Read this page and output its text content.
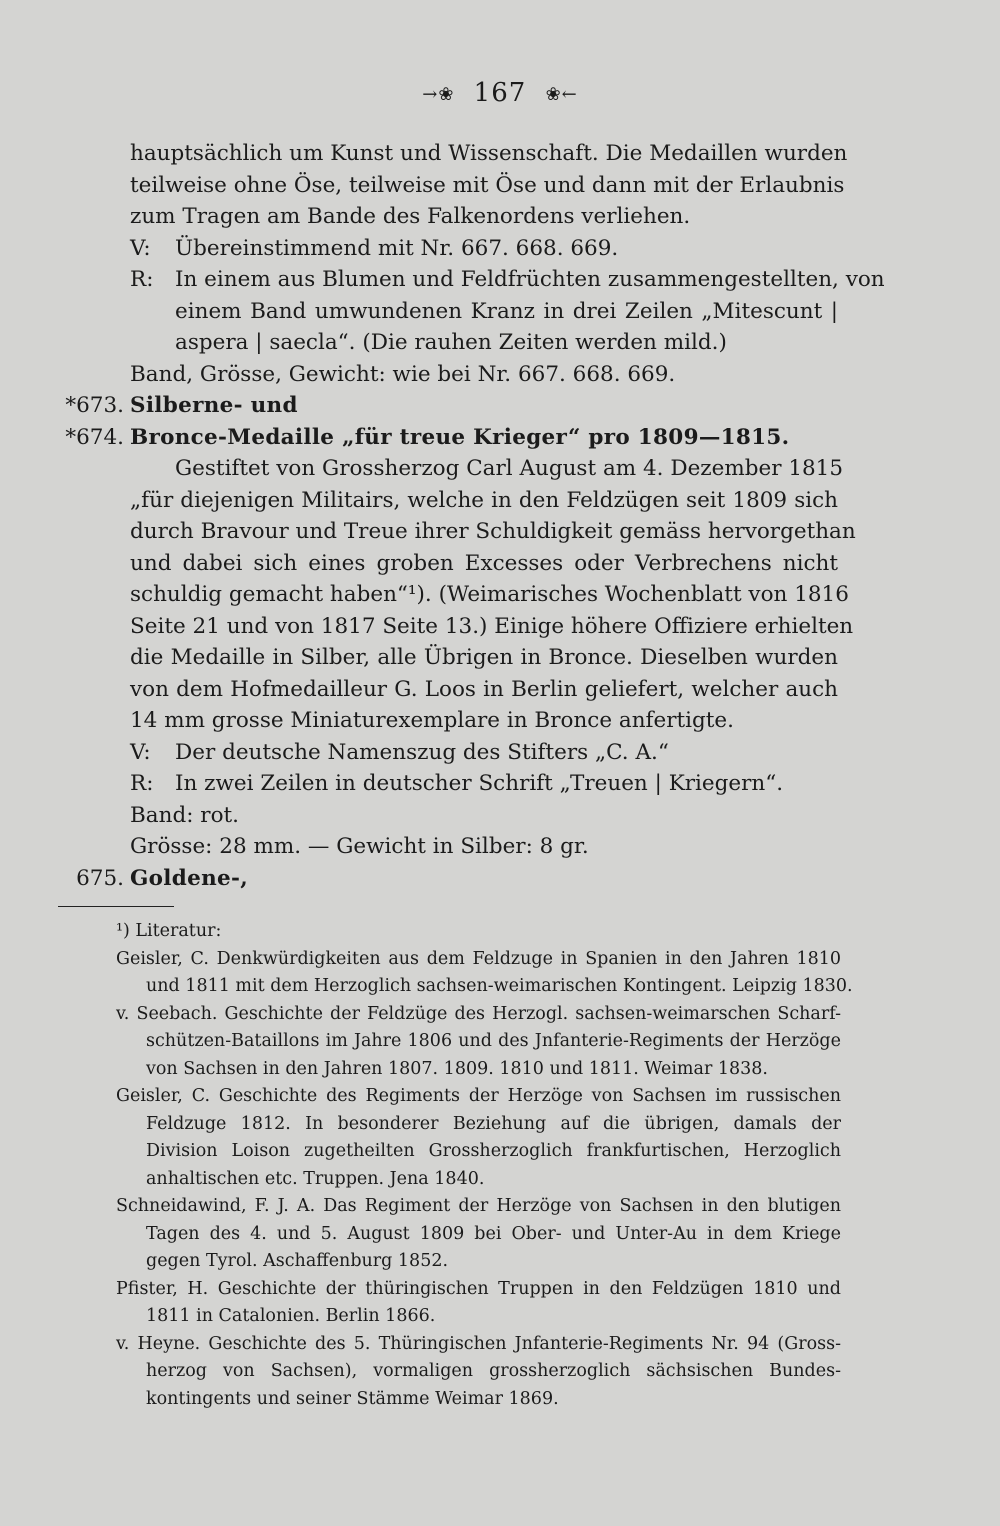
→❀ 167 ❀←
hauptsächlich um Kunst und Wissenschaft. Die Medaillen wurden
teilweise ohne Öse, teilweise mit Öse und dann mit der Erlaubnis
zum Tragen am Bande des Falkenordens verliehen.
V: Übereinstimmend mit Nr. 667. 668. 669.
R: In einem aus Blumen und Feldfrüchten zusammengestellten, von
einem Band umwundenen Kranz in drei Zeilen „Mitescunt |
aspera | saecla“. (Die rauhen Zeiten werden mild.)
Band, Grösse, Gewicht: wie bei Nr. 667. 668. 669.
*673. Silberne- und
*674. Bronce-Medaille „für treue Krieger“ pro 1809—1815.
Gestiftet von Grossherzog Carl August am 4. Dezember 1815
„für diejenigen Militairs, welche in den Feldzügen seit 1809 sich
durch Bravour und Treue ihrer Schuldigkeit gemäss hervorgethan
und dabei sich eines groben Excesses oder Verbrechens nicht
schuldig gemacht haben“¹). (Weimarisches Wochenblatt von 1816
Seite 21 und von 1817 Seite 13.) Einige höhere Offiziere erhielten
die Medaille in Silber, alle Übrigen in Bronce. Dieselben wurden
von dem Hofmedailleur G. Loos in Berlin geliefert, welcher auch
14 mm grosse Miniaturexemplare in Bronce anfertigte.
V: Der deutsche Namenszug des Stifters „C. A.“
R: In zwei Zeilen in deutscher Schrift „Treuen | Kriegern“.
Band: rot.
Grösse: 28 mm. — Gewicht in Silber: 8 gr.
675. Goldene-,
¹) Literatur:
Geisler, C. Denkwürdigkeiten aus dem Feldzuge in Spanien in den Jahren 1810
und 1811 mit dem Herzoglich sachsen-weimarischen Kontingent. Leipzig 1830.
v. Seebach. Geschichte der Feldzüge des Herzogl. sachsen-weimarschen Scharf-
schützen-Bataillons im Jahre 1806 und des Jnfanterie-Regiments der Herzöge
von Sachsen in den Jahren 1807. 1809. 1810 und 1811. Weimar 1838.
Geisler, C. Geschichte des Regiments der Herzöge von Sachsen im russischen
Feldzuge 1812. In besonderer Beziehung auf die übrigen, damals der
Division Loison zugetheilten Grossherzoglich frankfurtischen, Herzoglich
anhaltischen etc. Truppen. Jena 1840.
Schneidawind, F. J. A. Das Regiment der Herzöge von Sachsen in den blutigen
Tagen des 4. und 5. August 1809 bei Ober- und Unter-Au in dem Kriege
gegen Tyrol. Aschaffenburg 1852.
Pfister, H. Geschichte der thüringischen Truppen in den Feldzügen 1810 und
1811 in Catalonien. Berlin 1866.
v. Heyne. Geschichte des 5. Thüringischen Jnfanterie-Regiments Nr. 94 (Gross-
herzog von Sachsen), vormaligen grossherzoglich sächsischen Bundes-
kontingents und seiner Stämme Weimar 1869.
